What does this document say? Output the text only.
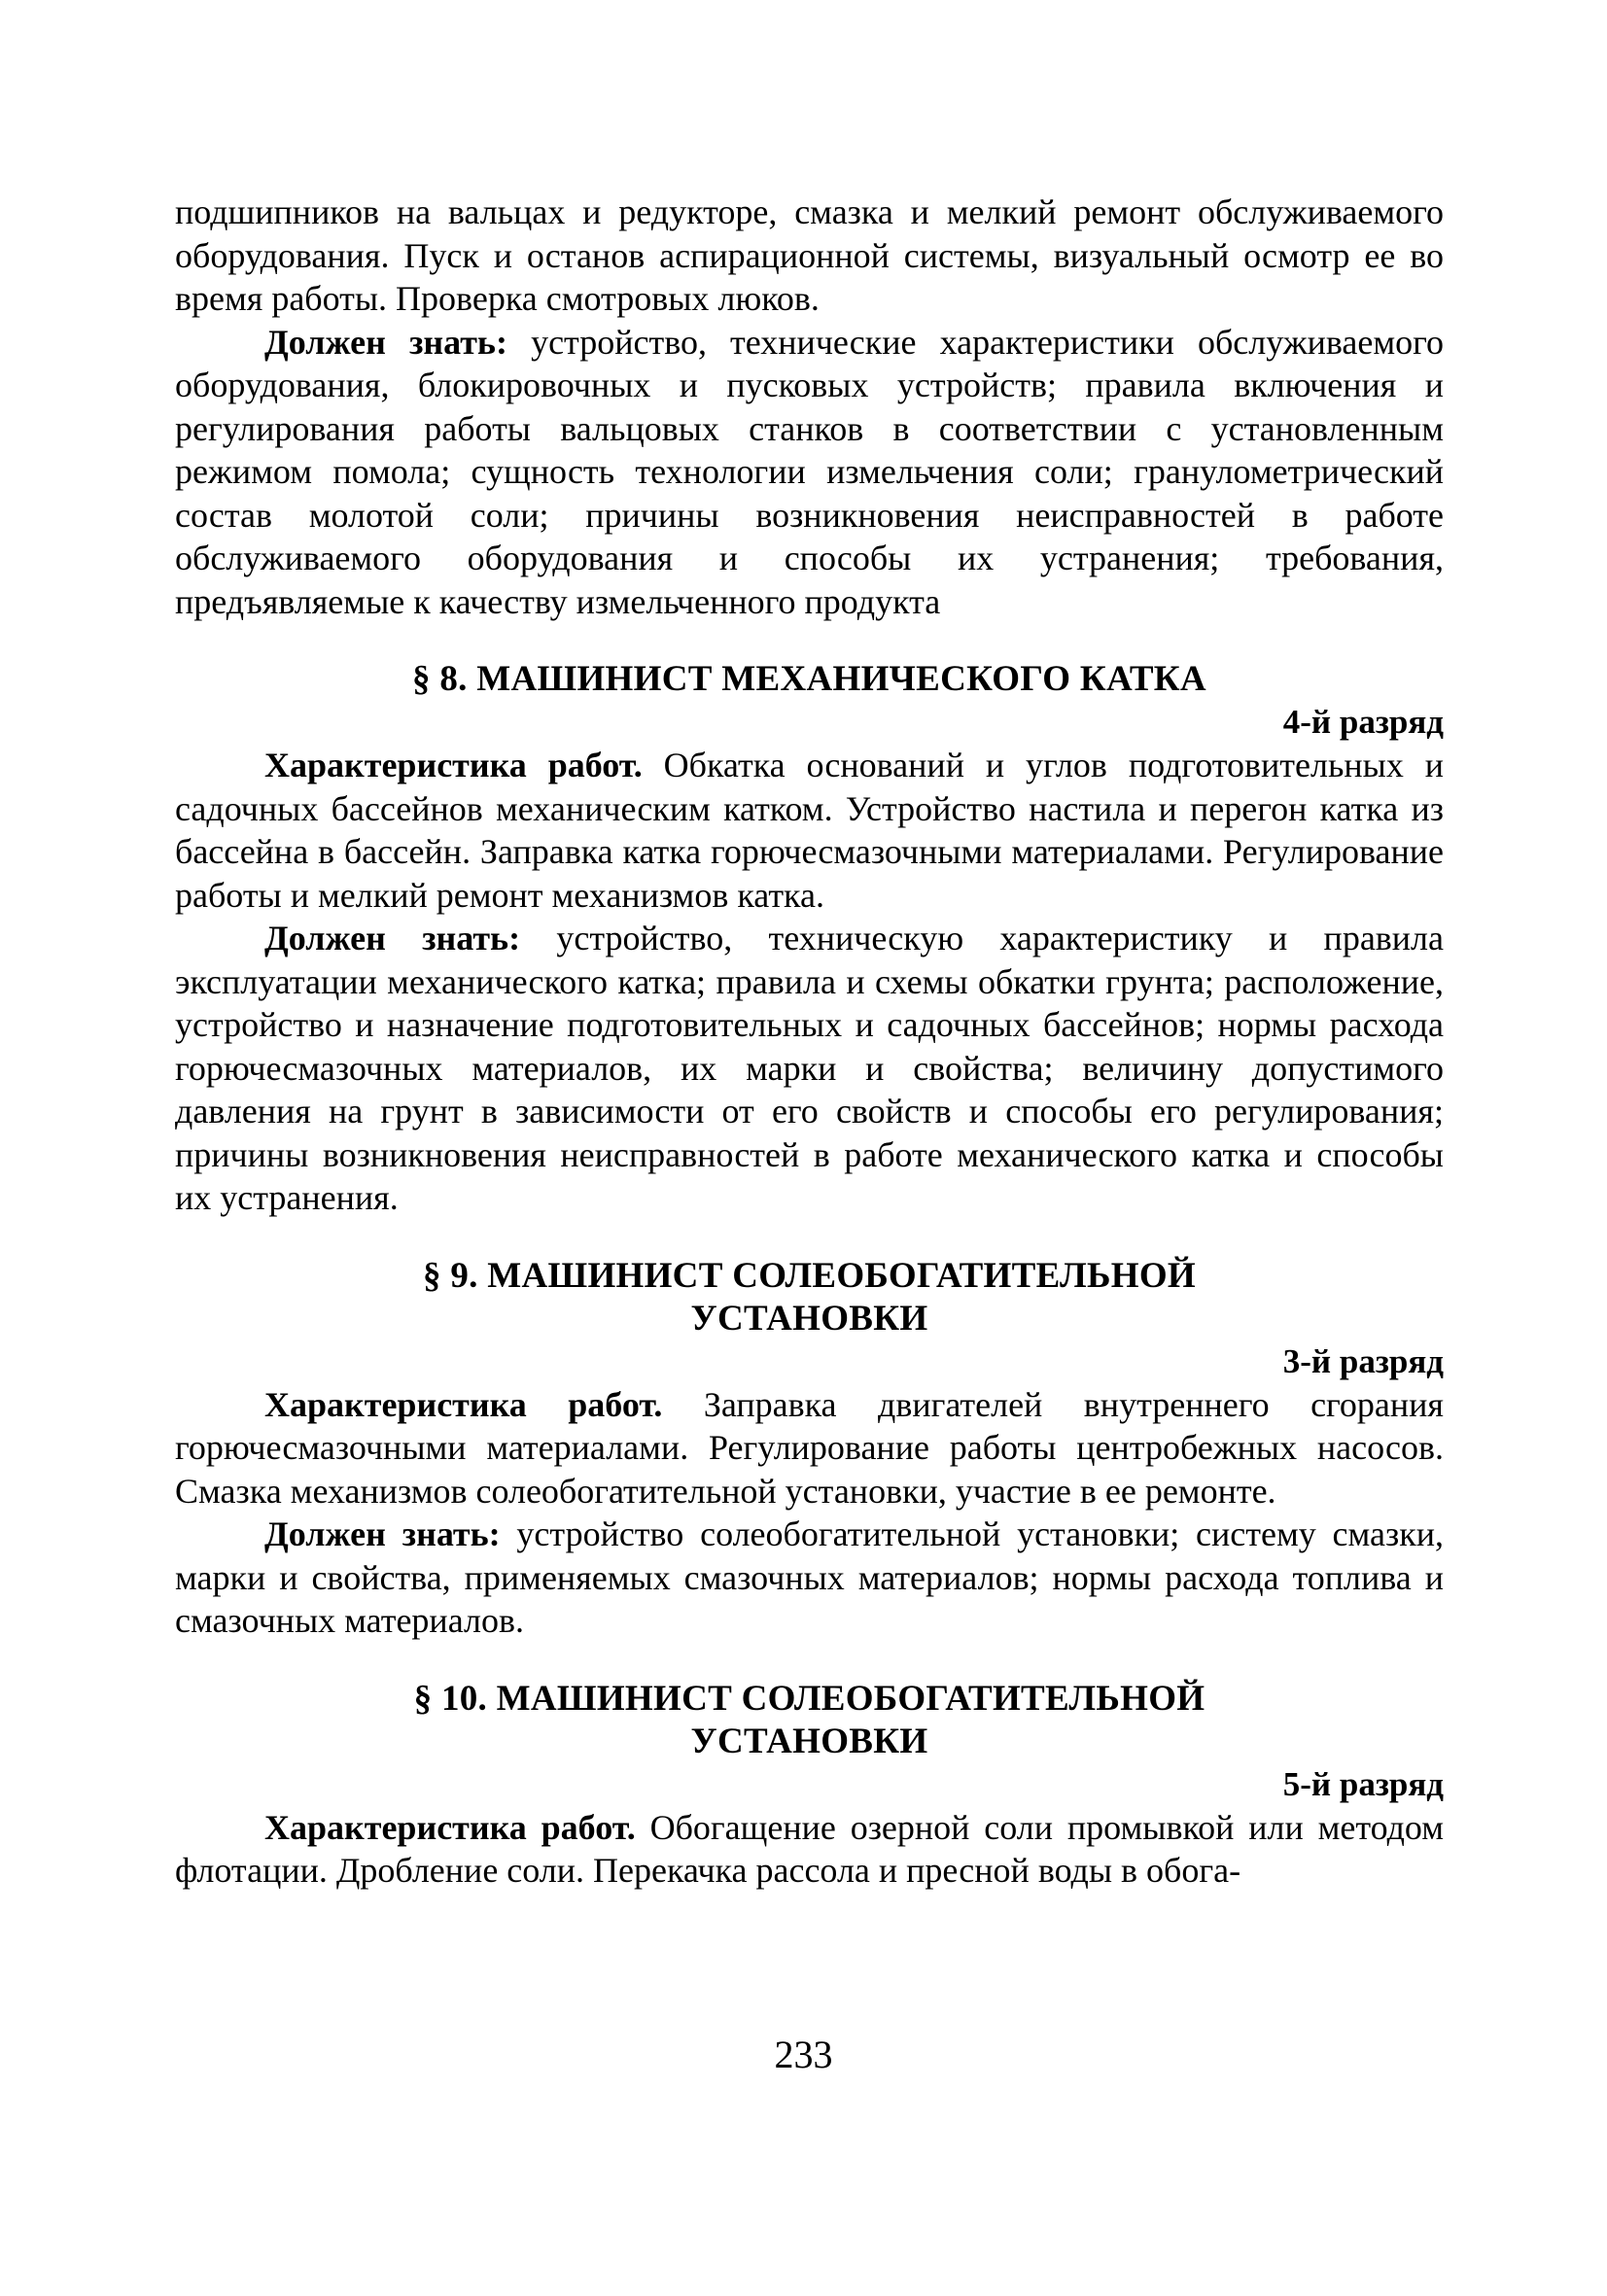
подшипников на вальцах и редукторе, смазка и мелкий ремонт обслуживаемого оборудования. Пуск и останов аспирационной системы, визуальный осмотр ее во время работы. Проверка смотровых люков.

Должен знать: устройство, технические характеристики обслуживаемого оборудования, блокировочных и пусковых устройств; правила включения и регулирования работы вальцовых станков в соответствии с установленным режимом помола; сущность технологии измельчения соли; гранулометрический состав молотой соли; причины возникновения неисправностей в работе обслуживаемого оборудования и способы их устранения; требования, предъявляемые к качеству измельченного продукта

§ 8. МАШИНИСТ МЕХАНИЧЕСКОГО КАТКА
4-й разряд

Характеристика работ. Обкатка оснований и углов подготовительных и садочных бассейнов механическим катком. Устройство настила и перегон катка из бассейна в бассейн. Заправка катка горючесмазочными материалами. Регулирование работы и мелкий ремонт механизмов катка.

Должен знать: устройство, техническую характеристику и правила эксплуатации механического катка; правила и схемы обкатки грунта; расположение, устройство и назначение подготовительных и садочных бассейнов; нормы расхода горючесмазочных материалов, их марки и свойства; величину допустимого давления на грунт в зависимости от его свойств и способы его регулирования; причины возникновения неисправностей в работе механического катка и способы их устранения.

§ 9. МАШИНИСТ СОЛЕОБОГАТИТЕЛЬНОЙ
УСТАНОВКИ
3-й разряд

Характеристика работ. Заправка двигателей внутреннего сгорания горючесмазочными материалами. Регулирование работы центробежных насосов. Смазка механизмов солеобогатительной установки, участие в ее ремонте.

Должен знать: устройство солеобогатительной установки; систему смазки, марки и свойства, применяемых смазочных материалов; нормы расхода топлива и смазочных материалов.

§ 10. МАШИНИСТ СОЛЕОБОГАТИТЕЛЬНОЙ
УСТАНОВКИ
5-й разряд

Характеристика работ. Обогащение озерной соли промывкой или методом флотации. Дробление соли. Перекачка рассола и пресной воды в обога-

233
